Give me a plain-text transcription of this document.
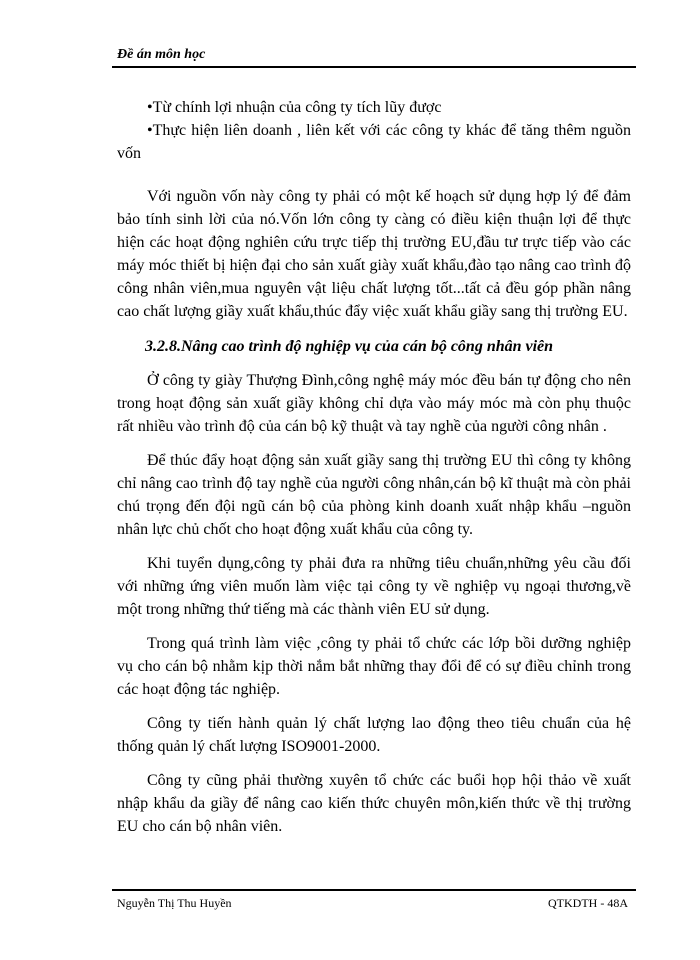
Đề án môn học

•Từ chính lợi nhuận của công ty tích lũy được

•Thực hiện liên doanh , liên kết với các công ty khác để tăng thêm nguồn vốn

Với nguồn vốn này công ty phải có một kế hoạch sử dụng hợp lý để đảm bảo tính sinh lời của nó.Vốn lớn công ty càng có điều kiện thuận lợi để thực hiện các hoạt động nghiên cứu trực tiếp thị trường EU,đầu tư trực tiếp vào các máy móc thiết bị hiện đại cho sản xuất giày xuất khẩu,đào tạo nâng cao trình độ công nhân viên,mua nguyên vật liệu chất lượng tốt...tất cả đều góp phần nâng cao chất lượng giầy xuất khẩu,thúc đẩy việc xuất khẩu giầy sang thị trường EU.

3.2.8.Nâng cao trình độ nghiệp vụ của cán bộ công nhân viên

Ở công ty giày Thượng Đình,công nghệ máy móc đều bán tự động cho nên trong hoạt động sản xuất giầy không chỉ dựa vào máy móc mà còn phụ thuộc rất nhiều vào trình độ của cán bộ kỹ thuật và tay nghề của người công nhân .

Để thúc đẩy hoạt động sản xuất giầy sang thị trường EU thì công ty không chỉ nâng cao trình độ tay nghề của người công nhân,cán bộ kĩ thuật mà còn phải chú trọng đến đội ngũ cán bộ của phòng kinh doanh xuất nhập khẩu –nguồn nhân lực chủ chốt cho hoạt động xuất khẩu của công ty.

Khi tuyển dụng,công ty phải đưa ra những tiêu chuẩn,những yêu cầu đối với những ứng viên muốn làm việc tại công ty về nghiệp vụ ngoại thương,về một trong những thứ tiếng mà các thành viên EU sử dụng.

Trong quá trình làm việc ,công ty phải tổ chức các lớp bồi dưỡng nghiệp vụ cho cán bộ nhằm kịp thời nắm bắt những thay đổi để có sự điều chỉnh trong các hoạt động tác nghiệp.

Công ty tiến hành quản lý chất lượng lao động theo tiêu chuẩn của hệ thống quản lý chất lượng ISO9001-2000.

Công ty cũng phải thường xuyên tổ chức các buổi họp hội thảo về xuất nhập khẩu da giầy để nâng cao kiến thức chuyên môn,kiến thức về thị trường EU cho cán bộ nhân viên.

Nguyễn Thị Thu Huyền	QTKDTH - 48A
